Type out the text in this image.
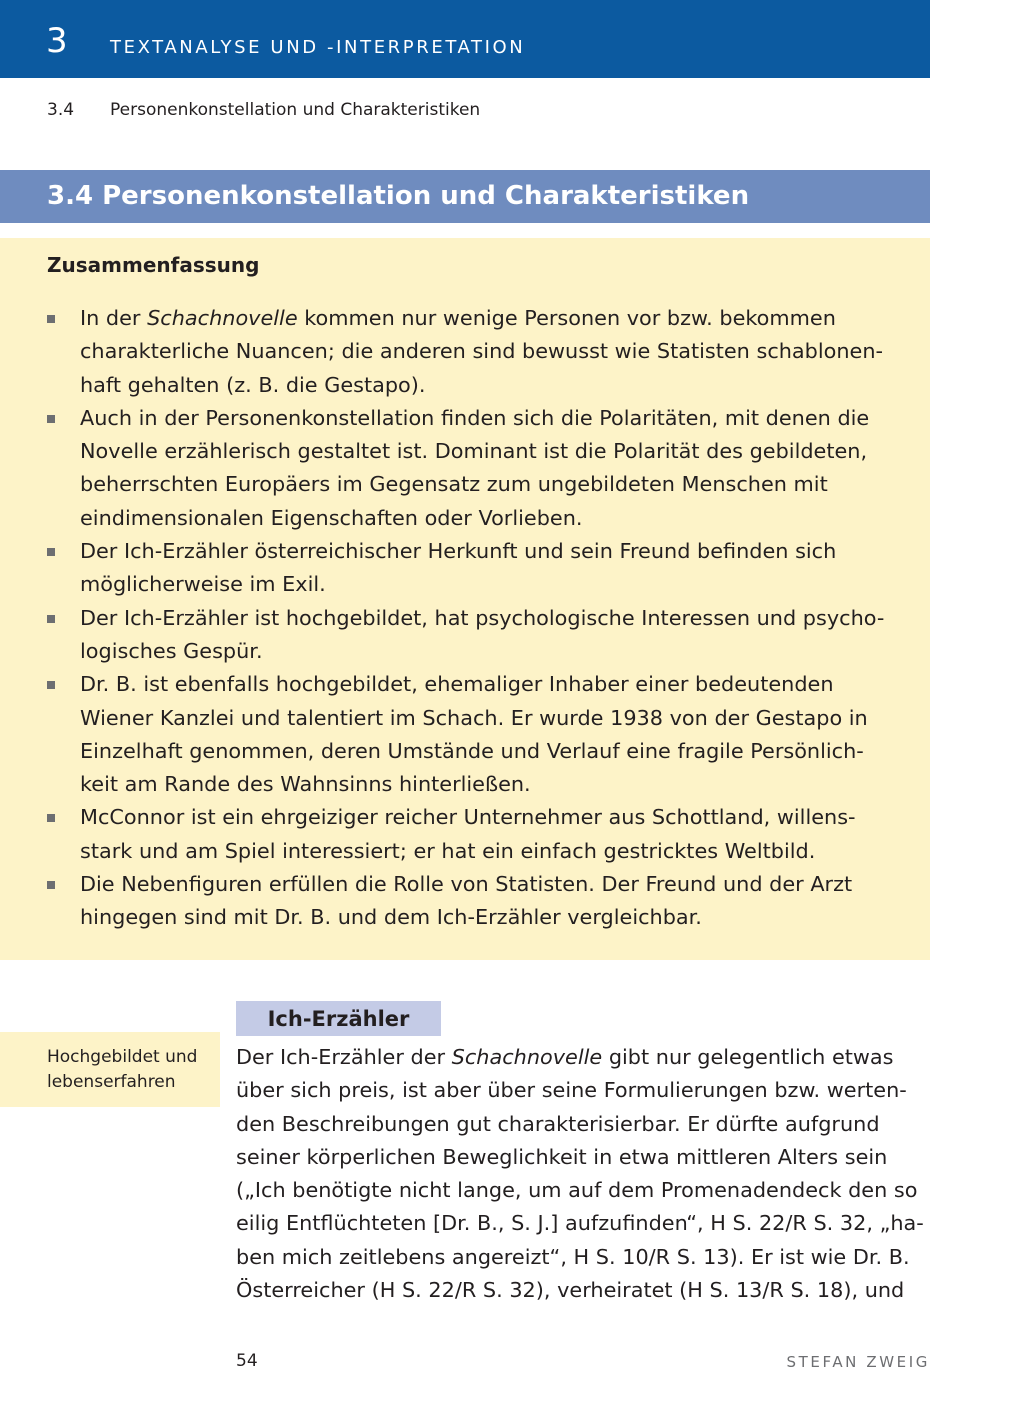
3 TEXTANALYSE UND -INTERPRETATION
3.4 Personenkonstellation und Charakteristiken
3.4 Personenkonstellation und Charakteristiken
Zusammenfassung
In der Schachnovelle kommen nur wenige Personen vor bzw. bekommen
charakterliche Nuancen; die anderen sind bewusst wie Statisten schablonen-
haft gehalten (z. B. die Gestapo).
Auch in der Personenkonstellation finden sich die Polaritäten, mit denen die
Novelle erzählerisch gestaltet ist. Dominant ist die Polarität des gebildeten,
beherrschten Europäers im Gegensatz zum ungebildeten Menschen mit
eindimensionalen Eigenschaften oder Vorlieben.
Der Ich-Erzähler österreichischer Herkunft und sein Freund befinden sich
möglicherweise im Exil.
Der Ich-Erzähler ist hochgebildet, hat psychologische Interessen und psycho-
logisches Gespür.
Dr. B. ist ebenfalls hochgebildet, ehemaliger Inhaber einer bedeutenden
Wiener Kanzlei und talentiert im Schach. Er wurde 1938 von der Gestapo in
Einzelhaft genommen, deren Umstände und Verlauf eine fragile Persönlich-
keit am Rande des Wahnsinns hinterließen.
McConnor ist ein ehrgeiziger reicher Unternehmer aus Schottland, willens-
stark und am Spiel interessiert; er hat ein einfach gestricktes Weltbild.
Die Nebenfiguren erfüllen die Rolle von Statisten. Der Freund und der Arzt
hingegen sind mit Dr. B. und dem Ich-Erzähler vergleichbar.
Ich-Erzähler
Hochgebildet und
lebenserfahren
Der Ich-Erzähler der Schachnovelle gibt nur gelegentlich etwas
über sich preis, ist aber über seine Formulierungen bzw. werten-
den Beschreibungen gut charakterisierbar. Er dürfte aufgrund
seiner körperlichen Beweglichkeit in etwa mittleren Alters sein
(„Ich benötigte nicht lange, um auf dem Promenadendeck den so
eilig Entflüchteten [Dr. B., S. J.] aufzufinden“, H S. 22/R S. 32, „ha-
ben mich zeitlebens angereizt“, H S. 10/R S. 13). Er ist wie Dr. B.
Österreicher (H S. 22/R S. 32), verheiratet (H S. 13/R S. 18), und
54	STEFAN ZWEIG
